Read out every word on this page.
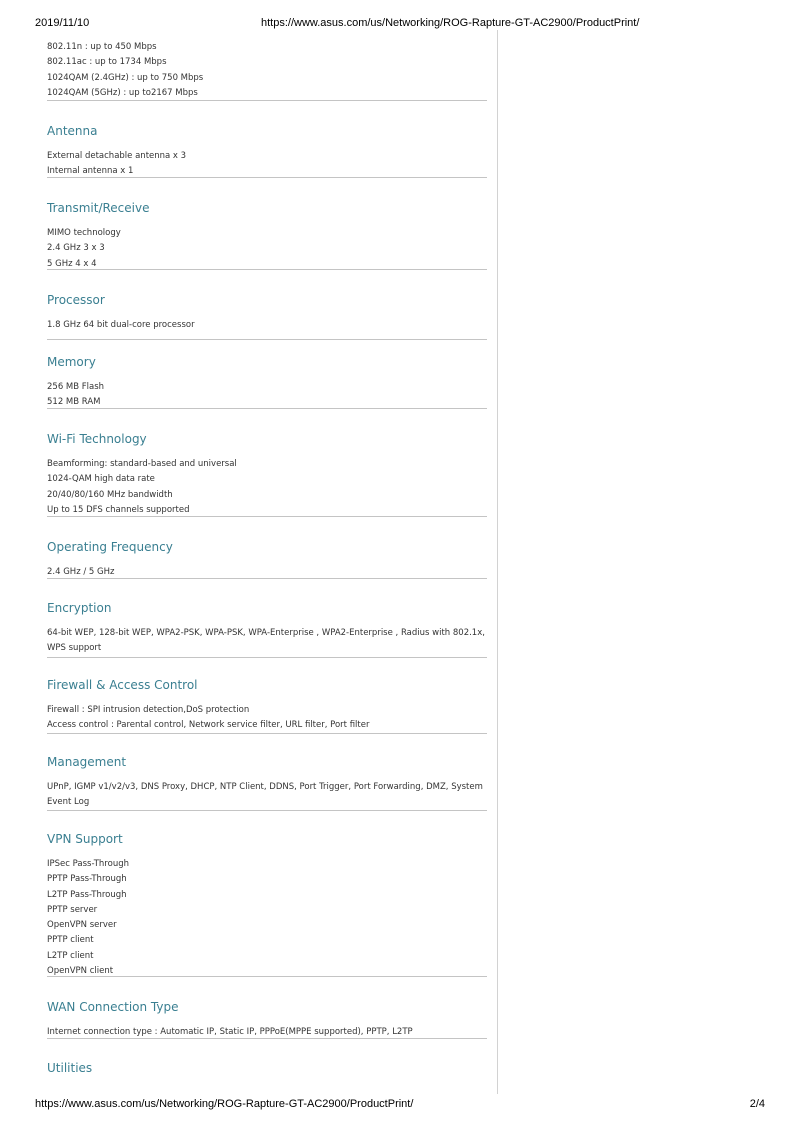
2019/11/10	https://www.asus.com/us/Networking/ROG-Rapture-GT-AC2900/ProductPrint/
802.11n : up to 450 Mbps
802.11ac : up to 1734 Mbps
1024QAM (2.4GHz) : up to 750 Mbps
1024QAM (5GHz) : up to2167 Mbps
Antenna
External detachable antenna x 3
Internal antenna x 1
Transmit/Receive
MIMO technology
2.4 GHz 3 x 3
5 GHz 4 x 4
Processor
1.8 GHz 64 bit dual-core processor
Memory
256 MB Flash
512 MB RAM
Wi-Fi Technology
Beamforming: standard-based and universal
1024-QAM high data rate
20/40/80/160 MHz bandwidth
Up to 15 DFS channels supported
Operating Frequency
2.4 GHz / 5 GHz
Encryption
64-bit WEP, 128-bit WEP, WPA2-PSK, WPA-PSK, WPA-Enterprise , WPA2-Enterprise , Radius with 802.1x, WPS support
Firewall & Access Control
Firewall : SPI intrusion detection,DoS protection
Access control : Parental control, Network service filter, URL filter, Port filter
Management
UPnP, IGMP v1/v2/v3, DNS Proxy, DHCP, NTP Client, DDNS, Port Trigger, Port Forwarding, DMZ, System Event Log
VPN Support
IPSec Pass-Through
PPTP Pass-Through
L2TP Pass-Through
PPTP server
OpenVPN server
PPTP client
L2TP client
OpenVPN client
WAN Connection Type
Internet connection type : Automatic IP, Static IP, PPPoE(MPPE supported), PPTP, L2TP
Utilities
https://www.asus.com/us/Networking/ROG-Rapture-GT-AC2900/ProductPrint/	2/4
